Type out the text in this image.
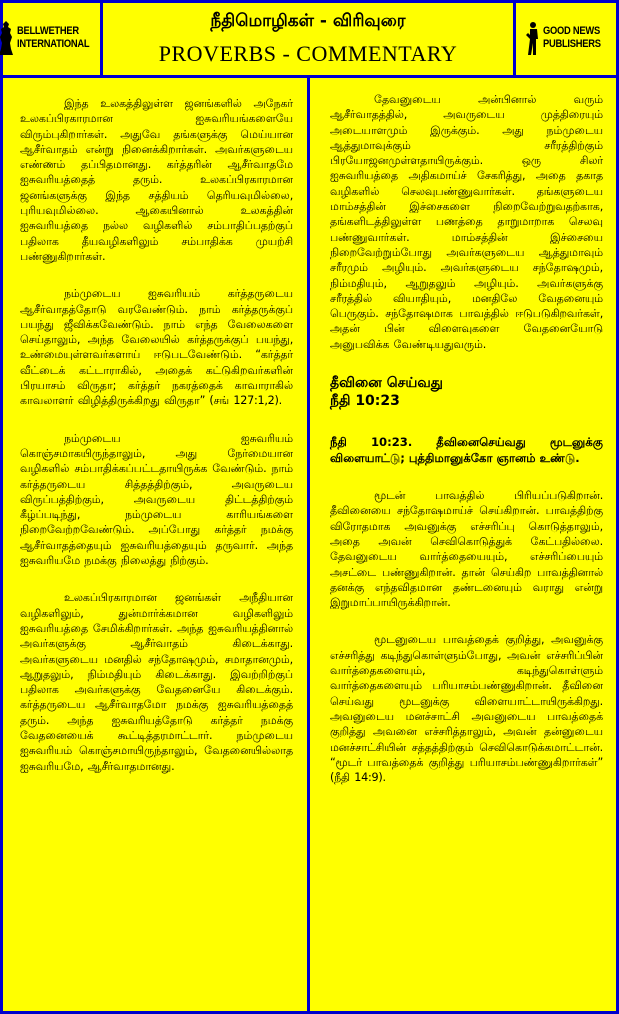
BELLWETHER
INTERNATIONAL
நீதிமொழிகள் - விரிவுரை
PROVERBS - COMMENTARY
GOOD NEWS
PUBLISHERS

இந்த உலகத்திலுள்ள ஜனங்களில் அநேகர் உலகப்பிரகாரமான ஐசுவரியங்களையே விரும்புகிறார்கள். அதுவே தங்களுக்கு மெய்யான ஆசீர்வாதம் என்று நினைக்கிறார்கள். அவர்களுடைய எண்ணம் தப்பிதமானது. கர்த்தரின் ஆசீர்வாதமே ஐசுவரியத்தைத் தரும். உலகப்பிரகாரமான ஜனங்களுக்கு இந்த சத்தியம் தெரியவுமில்லை, புரியவுமில்லை. ஆகையினால் உலகத்தின் ஐசுவரியத்தை நல்ல வழிகளில் சம்பாதிப்பதற்குப் பதிலாக தீயவழிகளிலும் சம்பாதிக்க முயற்சி பண்ணுகிறார்கள்.

நம்முடைய ஐசுவரியம் கர்த்தருடைய ஆசீர்வாதத்தோடு வரவேண்டும். நாம் கர்த்தருக்குப் பயந்து ஜீவிக்கவேண்டும். நாம் எந்த வேலைகளை செய்தாலும், அந்த வேலையில் கர்த்தருக்குப் பயந்து, உண்மையுள்ளவர்களாய் ஈடுபடவேண்டும். “கர்த்தர் வீட்டைக் கட்டாராகில், அதைக் கட்டுகிறவர்களின் பிரயாசம் விருதா; கர்த்தர் நகரத்தைக் காவாராகில் காவலாளர் விழித்திருக்கிறது விருதா” (சங் 127:1,2).

நம்முடைய ஐசுவரியம் கொஞ்சமாகயிருந்தாலும், அது நேர்மையான வழிகளில் சம்பாதிக்கப்பட்டதாயிருக்க வேண்டும். நாம் கர்த்தருடைய சித்தத்திற்கும், அவருடைய விருப்பத்திற்கும், அவருடைய திட்டத்திற்கும் கீழ்ப்படிந்து, நம்முடைய காரியங்களை நிறைவேற்றவேண்டும். அப்போது கர்த்தர் நமக்கு ஆசீர்வாதத்தையும் ஐசுவரியத்தையும் தருவார். அந்த ஐசுவரியமே நமக்கு நிலைத்து நிற்கும்.

உலகப்பிரகாரமான ஜனங்கள் அநீதியான வழிகளிலும், துன்மார்க்கமான வழிகளிலும் ஐசுவரியத்தை சேமிக்கிறார்கள். அந்த ஐசுவரியத்தினால் அவர்களுக்கு ஆசீர்வாதம் கிடைக்காது. அவர்களுடைய மனதில் சந்தோஷமும், சமாதானமும், ஆறுதலும், நிம்மதியும் கிடைக்காது. இவற்றிற்குப் பதிலாக அவர்களுக்கு வேதனையே கிடைக்கும். கர்த்தருடைய ஆசீர்வாதமோ நமக்கு ஐசுவரியத்தைத் தரும். அந்த ஐசுவரியத்தோடு கர்த்தர் நமக்கு வேதனையைக் கூட்டித்தரமாட்டார். நம்முடைய ஐசுவரியம் கொஞ்சமாயிருந்தாலும், வேதனையில்லாத ஐசுவரியமே, ஆசீர்வாதமானது.

தேவனுடைய அன்பினால் வரும் ஆசீர்வாதத்தில், அவருடைய முத்திரையும் அடையாளமும் இருக்கும். அது நம்முடைய ஆத்துமாவுக்கும் சரீரத்திற்கும் பிரயோஜனமுள்ளதாயிருக்கும். ஒரு சிலர் ஐசுவரியத்தை அதிகமாய்ச் சேகரித்து, அதை தகாத வழிகளில் செலவுபண்ணுவார்கள். தங்களுடைய மாம்சத்தின் இச்சைகளை நிறைவேற்றுவதற்காக, தங்களிடத்திலுள்ள பணத்தை தாறுமாறாக செலவு பண்ணுவார்கள். மாம்சத்தின் இச்சையை நிறைவேற்றும்போது அவர்களுடைய ஆத்துமாவும் சரீரமும் அழியும். அவர்களுடைய சந்தோஷமும், நிம்மதியும், ஆறுதலும் அழியும். அவர்களுக்கு சரீரத்தில் வியாதியும், மனதிலே வேதனையும் பெருகும். சந்தோஷமாக பாவத்தில் ஈடுபடுகிறவர்கள், அதன் பின் விளைவுகளை வேதனையோடு அனுபவிக்க வேண்டியதுவரும்.

தீவினை செய்வது
நீதி 10:23

நீதி 10:23. தீவினைசெய்வது மூடனுக்கு விளையாட்டு; புத்திமானுக்கோ ஞானம் உண்டு.

மூடன் பாவத்தில் பிரியப்படுகிறான். தீவினையை சந்தோஷமாய்ச் செய்கிறான். பாவத்திற்கு விரோதமாக அவனுக்கு எச்சரிப்பு கொடுத்தாலும், அதை அவன் செவிகொடுத்துக் கேட்பதில்லை. தேவனுடைய வார்த்தையையும், எச்சரிப்பையும் அசட்டை பண்ணுகிறான். தான் செய்கிற பாவத்தினால் தனக்கு எந்தவிதமான தண்டனையும் வராது என்று இறுமாப்பாயிருக்கிறான்.

மூடனுடைய பாவத்தைக் குறித்து, அவனுக்கு எச்சரித்து கடிந்துகொள்ளும்போது, அவன் எச்சரிப்பின் வார்த்தைகளையும், கடிந்துகொள்ளும் வார்த்தைகளையும் பரியாசம்பண்ணுகிறான். தீவினை செய்வது மூடனுக்கு விளையாட்டாயிருக்கிறது. அவனுடைய மனச்சாட்சி அவனுடைய பாவத்தைக் குறித்து அவனை எச்சரித்தாலும், அவன் தன்னுடைய மனச்சாட்சியின் சத்தத்திற்கும் செவிகொடுக்கமாட்டான். “மூடர் பாவத்தைக் குறித்து பரியாசம்பண்ணுகிறார்கள்” (நீதி 14:9).
